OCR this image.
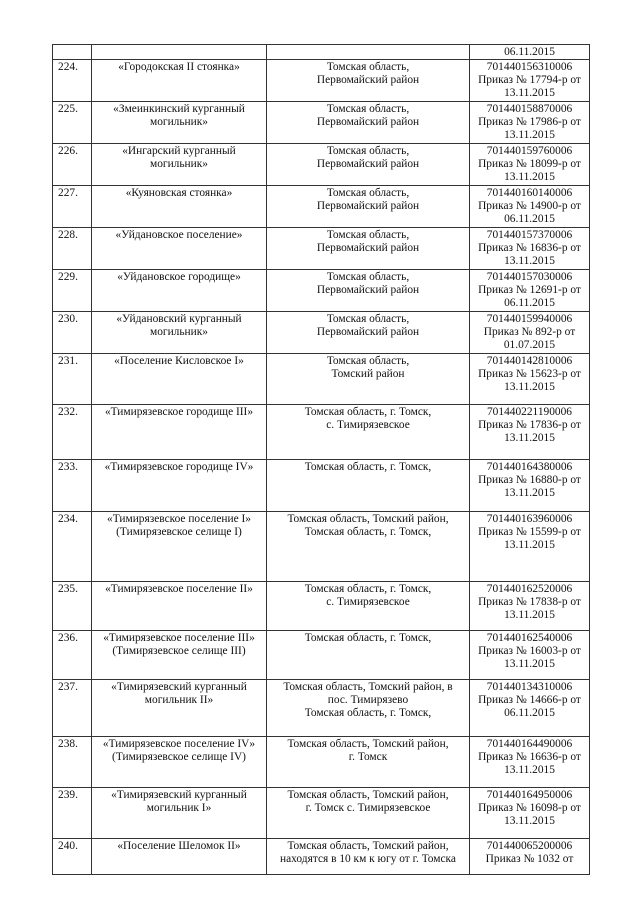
			06.11.2015
224.	«Городокская II стоянка»	Томская область,
Первомайский район	701440156310006
Приказ № 17794-р от
13.11.2015
225.	«Змеинкинский курганный
могильник»	Томская область,
Первомайский район	701440158870006
Приказ № 17986-р от
13.11.2015
226.	«Ингарский курганный
могильник»	Томская область,
Первомайский район	701440159760006
Приказ № 18099-р от
13.11.2015
227.	«Куяновская стоянка»	Томская область,
Первомайский район	701440160140006
Приказ № 14900-р от
06.11.2015
228.	«Уйдановское поселение»	Томская область,
Первомайский район	701440157370006
Приказ № 16836-р от
13.11.2015
229.	«Уйдановское городище»	Томская область,
Первомайский район	701440157030006
Приказ № 12691-р от
06.11.2015
230.	«Уйдановский курганный
могильник»	Томская область,
Первомайский район	701440159940006
Приказ № 892-р от
01.07.2015
231.	«Поселение Кисловское I»	Томская область,
Томский район	701440142810006
Приказ № 15623-р от
13.11.2015
232.	«Тимирязевское городище III»	Томская область, г. Томск,
с. Тимирязевское	701440221190006
Приказ № 17836-р от
13.11.2015
233.	«Тимирязевское городище IV»	Томская область, г. Томск,	701440164380006
Приказ № 16880-р от
13.11.2015
234.	«Тимирязевское поселение I»
(Тимирязевское селище I)	Томская область, Томский район,
Томская область, г. Томск,	701440163960006
Приказ № 15599-р от
13.11.2015
235.	«Тимирязевское поселение II»	Томская область, г. Томск,
с. Тимирязевское	701440162520006
Приказ № 17838-р от
13.11.2015
236.	«Тимирязевское поселение III»
(Тимирязевское селище III)	Томская область, г. Томск,	701440162540006
Приказ № 16003-р от
13.11.2015
237.	«Тимирязевский курганный
могильник II»	Томская область, Томский район, в
пос. Тимирязево
Томская область, г. Томск,	701440134310006
Приказ № 14666-р от
06.11.2015
238.	«Тимирязевское поселение IV»
(Тимирязевское селище IV)	Томская область, Томский район,
г. Томск	701440164490006
Приказ № 16636-р от
13.11.2015
239.	«Тимирязевский курганный
могильник I»	Томская область, Томский район,
г. Томск с. Тимирязевское	701440164950006
Приказ № 16098-р от
13.11.2015
240.	«Поселение Шеломок II»	Томская область, Томский район,
находятся в 10 км к югу от г. Томска	701440065200006
Приказ № 1032 от
